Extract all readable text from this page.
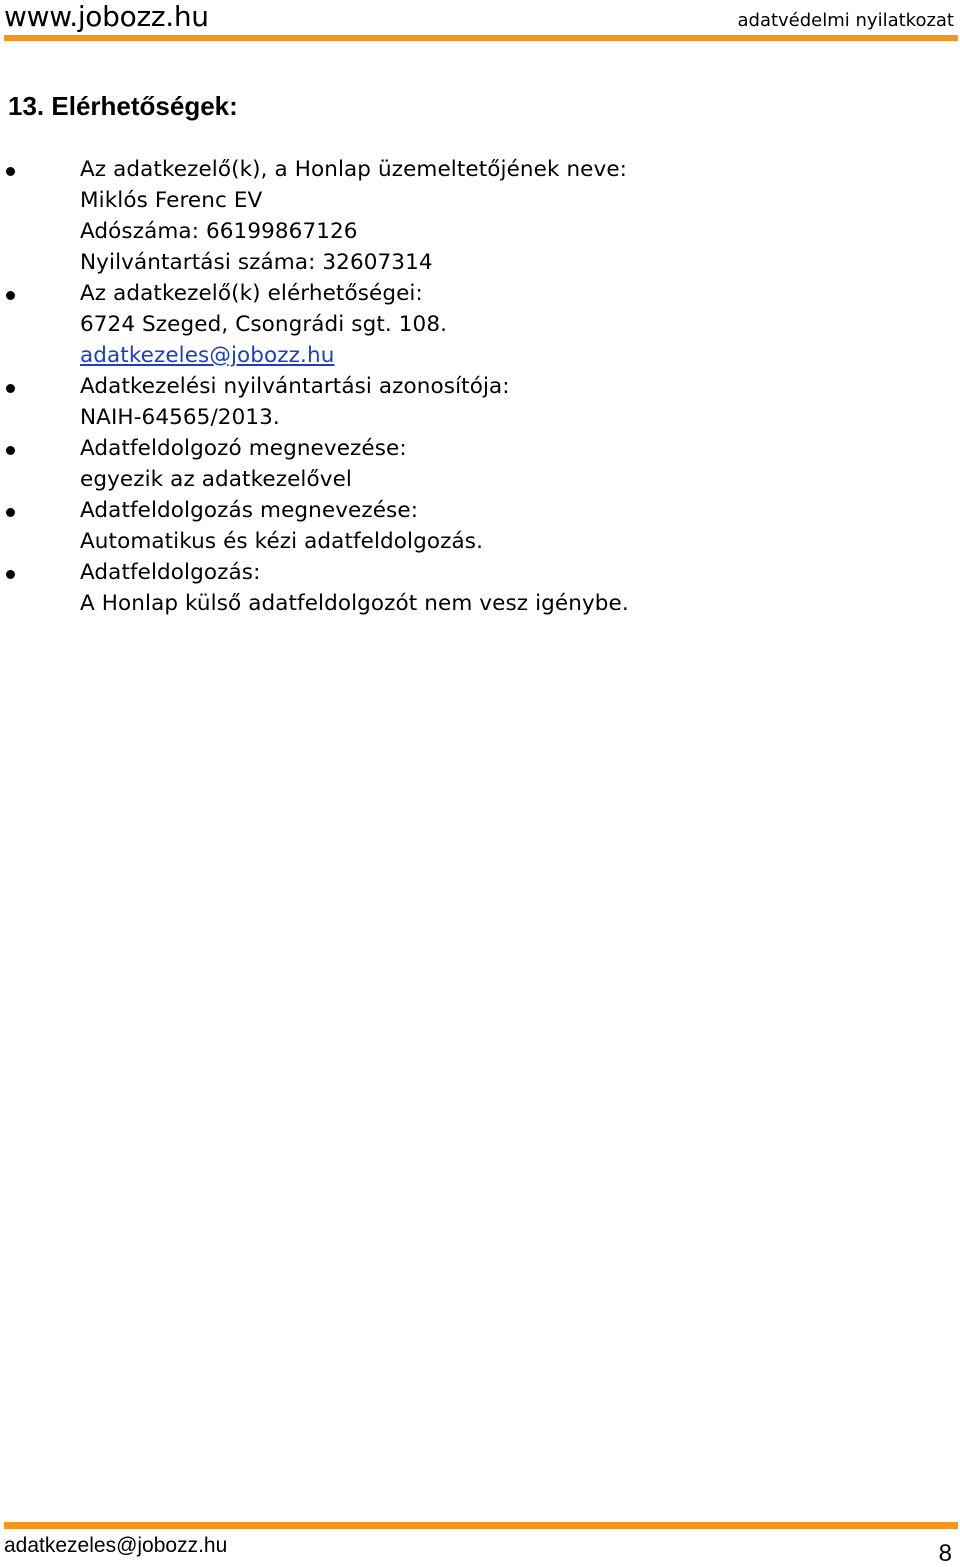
www.jobozz.hu	adatvédelmi nyilatkozat
13. Elérhetőségek:
Az adatkezelő(k), a Honlap üzemeltetőjének neve:
Miklós Ferenc EV
Adószáma: 66199867126
Nyilvántartási száma: 32607314
Az adatkezelő(k) elérhetőségei:
6724 Szeged, Csongrádi sgt. 108.
adatkezeles@jobozz.hu
Adatkezelési nyilvántartási azonosítója:
NAIH-64565/2013.
Adatfeldolgozó megnevezése:
egyezik az adatkezelővel
Adatfeldolgozás megnevezése:
Automatikus és kézi adatfeldolgozás.
Adatfeldolgozás:
A Honlap külső adatfeldolgozót nem vesz igénybe.
adatkezeles@jobozz.hu	8
